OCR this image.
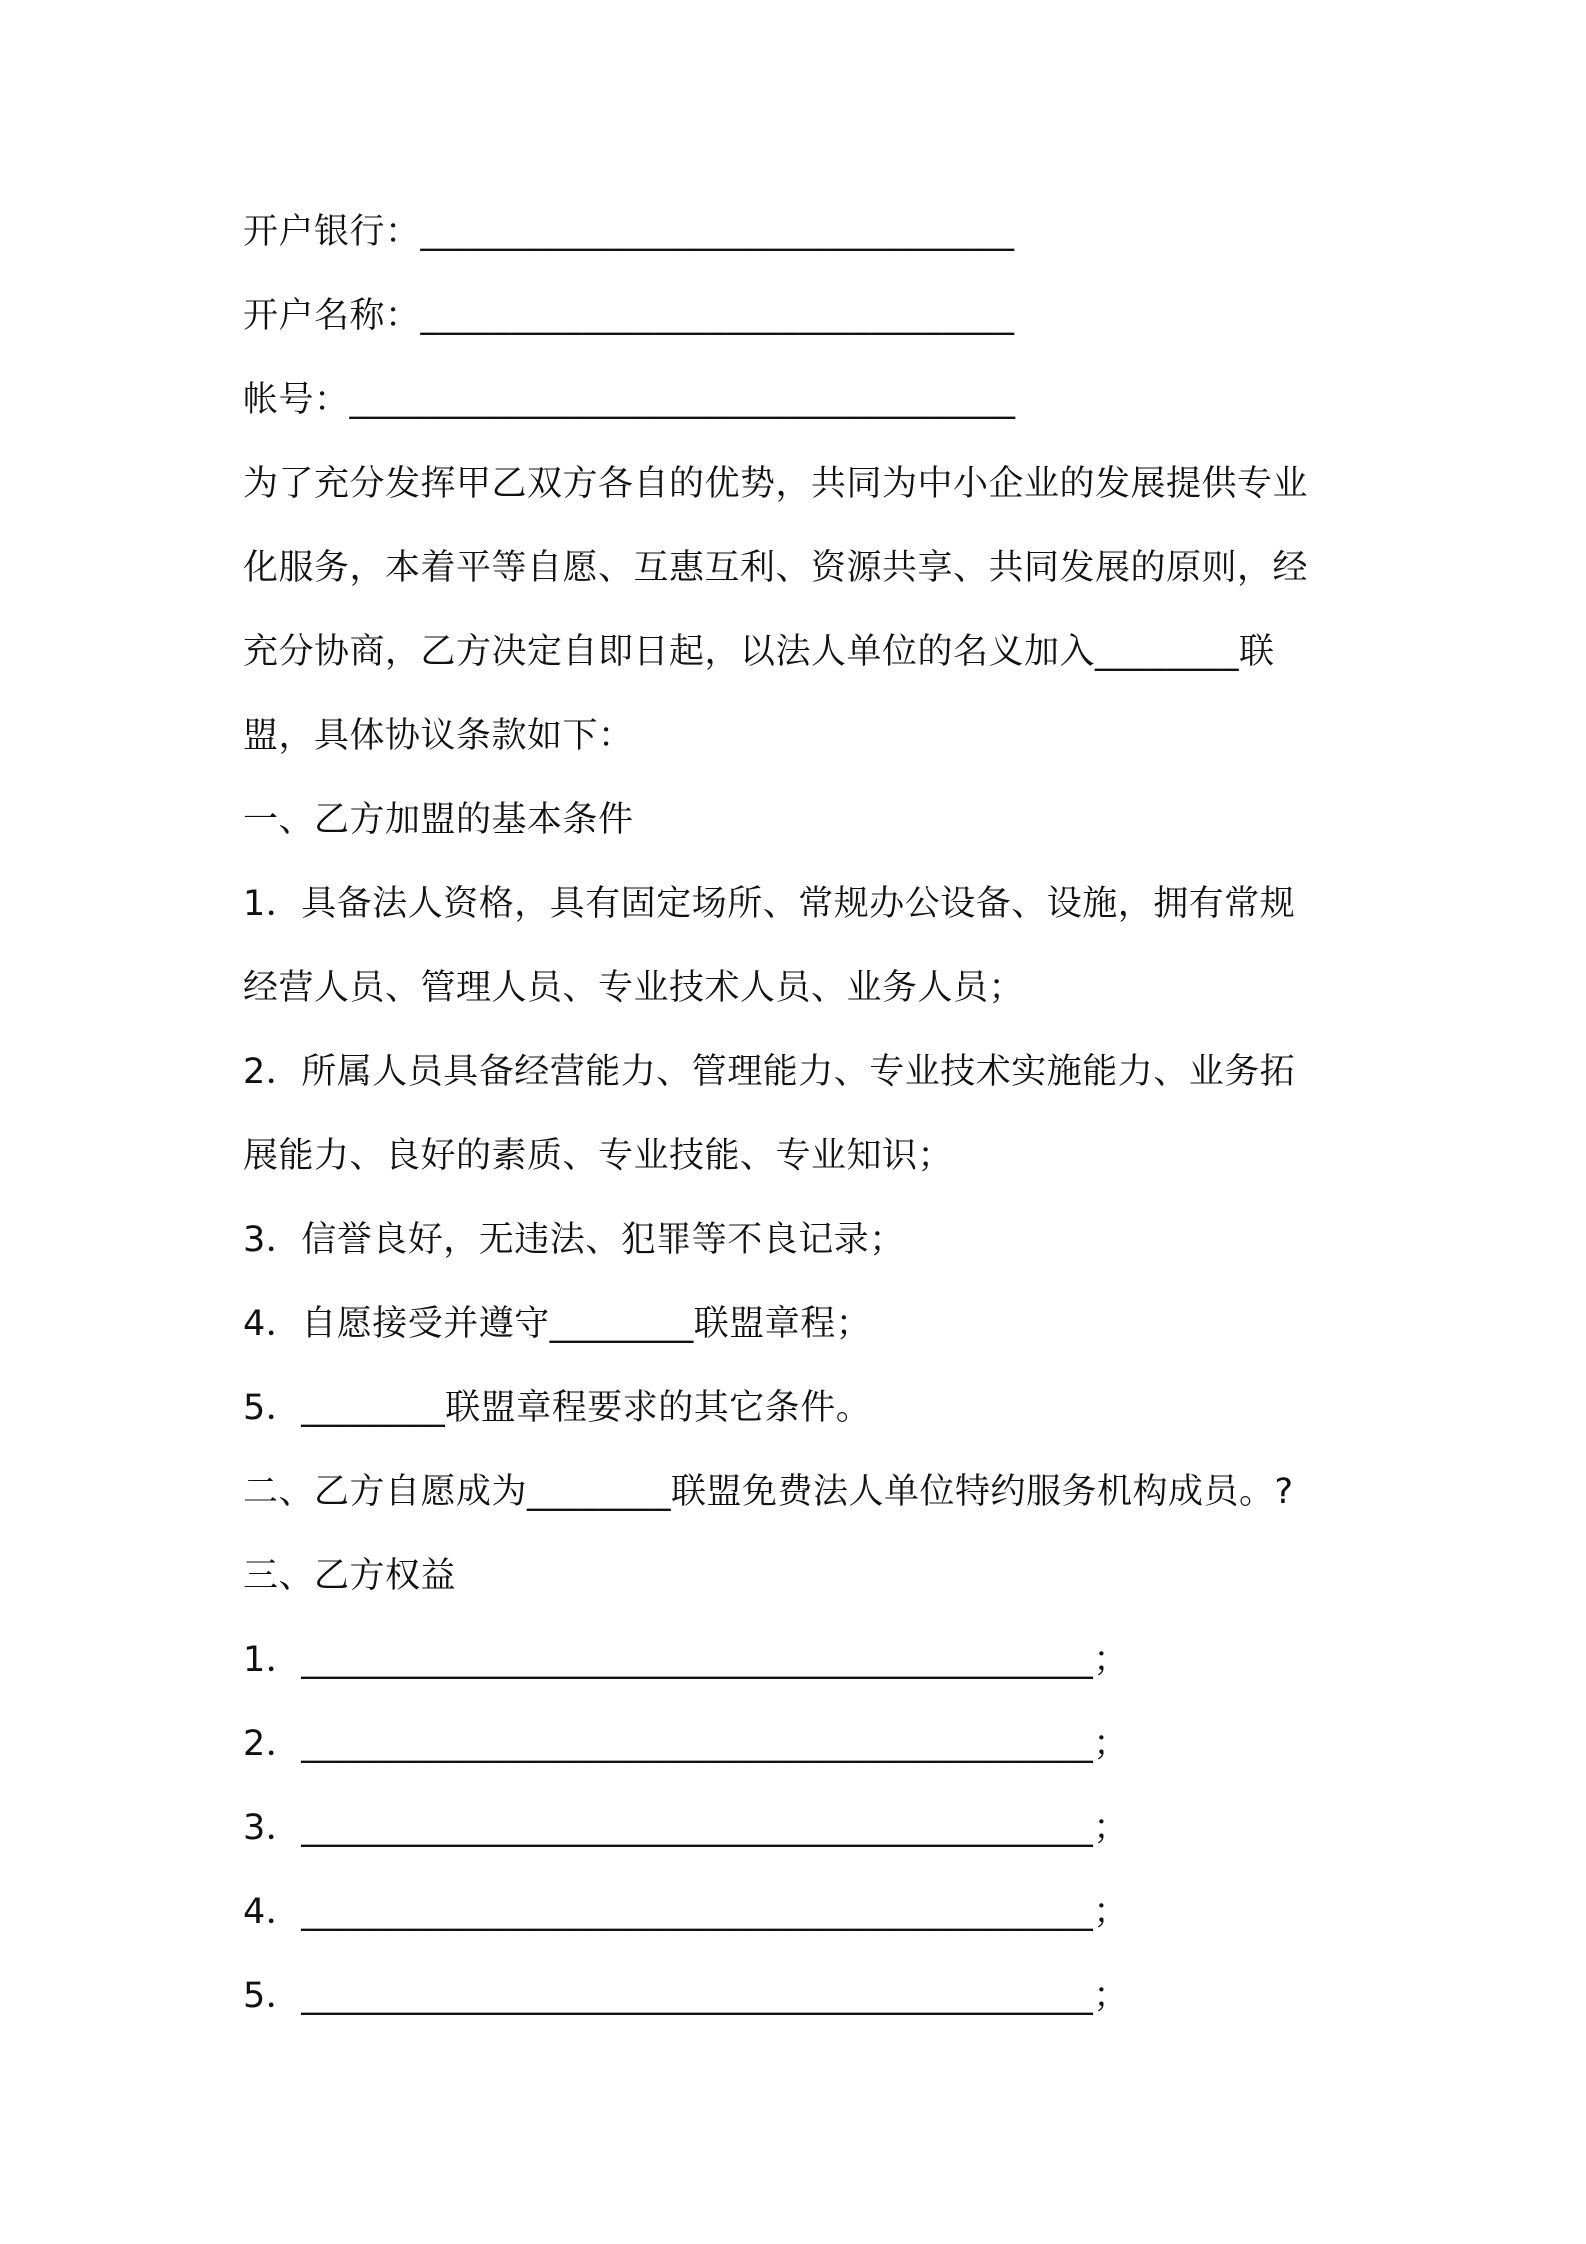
开户银行：_________________________________
开户名称：_________________________________
帐号：_____________________________________
为了充分发挥甲乙双方各自的优势，共同为中小企业的发展提供专业
化服务，本着平等自愿、互惠互利、资源共享、共同发展的原则，经
充分协商，乙方决定自即日起，以法人单位的名义加入________联
盟，具体协议条款如下：
一、乙方加盟的基本条件
1．具备法人资格，具有固定场所、常规办公设备、设施，拥有常规
经营人员、管理人员、专业技术人员、业务人员；
2．所属人员具备经营能力、管理能力、专业技术实施能力、业务拓
展能力、良好的素质、专业技能、专业知识；
3．信誉良好，无违法、犯罪等不良记录；
4．自愿接受并遵守________联盟章程；
5．________联盟章程要求的其它条件。
二、乙方自愿成为________联盟免费法人单位特约服务机构成员。?
三、乙方权益
1．____________________________________________；
2．____________________________________________；
3．____________________________________________；
4．____________________________________________；
5．____________________________________________；
